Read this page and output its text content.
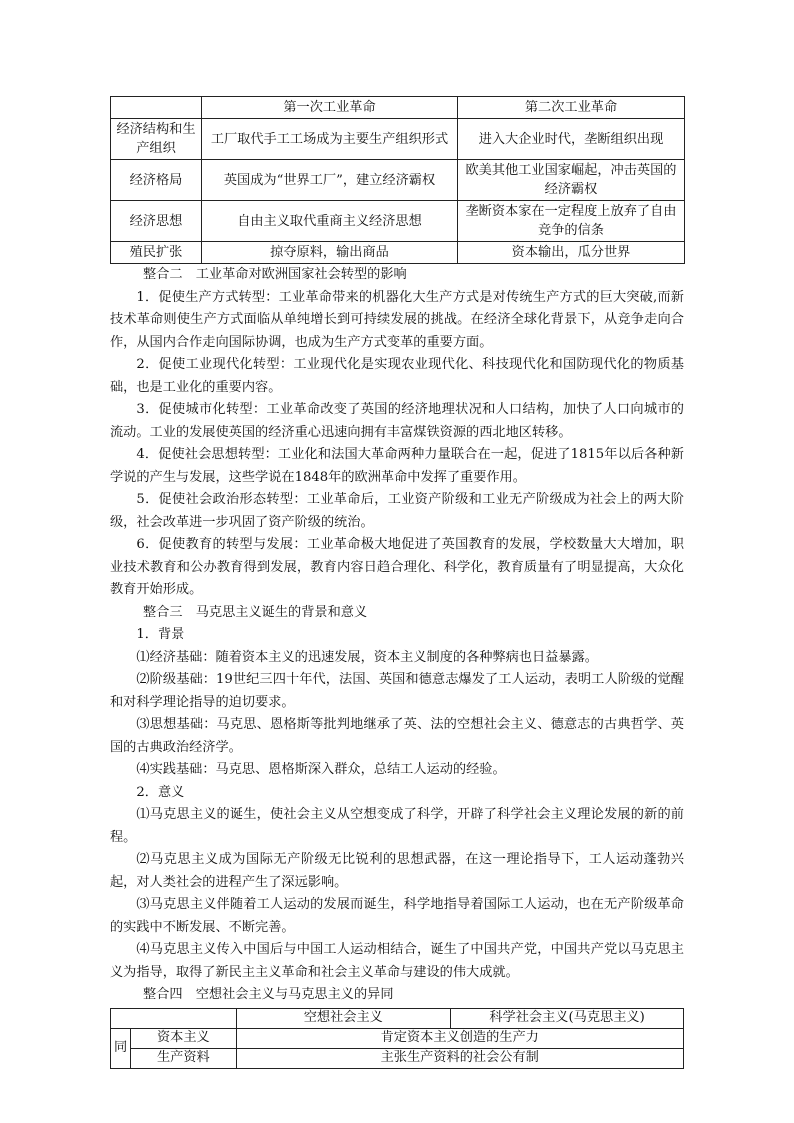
	第一次工业革命	第二次工业革命
经济结构和生产组织	工厂取代手工工场成为主要生产组织形式	进入大企业时代，垄断组织出现
经济格局	英国成为“世界工厂”，建立经济霸权	欧美其他工业国家崛起，冲击英国的经济霸权
经济思想	自由主义取代重商主义经济思想	垄断资本家在一定程度上放弃了自由竞争的信条
殖民扩张	掠夺原料，输出商品	资本输出，瓜分世界

整合二　工业革命对欧洲国家社会转型的影响

1．促使生产方式转型：工业革命带来的机器化大生产方式是对传统生产方式的巨大突破,而新技术革命则使生产方式面临从单纯增长到可持续发展的挑战。在经济全球化背景下，从竞争走向合作，从国内合作走向国际协调，也成为生产方式变革的重要方面。

2．促使工业现代化转型：工业现代化是实现农业现代化、科技现代化和国防现代化的物质基础，也是工业化的重要内容。

3．促使城市化转型：工业革命改变了英国的经济地理状况和人口结构，加快了人口向城市的流动。工业的发展使英国的经济重心迅速向拥有丰富煤铁资源的西北地区转移。

4．促使社会思想转型：工业化和法国大革命两种力量联合在一起，促进了1815年以后各种新学说的产生与发展，这些学说在1848年的欧洲革命中发挥了重要作用。

5．促使社会政治形态转型：工业革命后，工业资产阶级和工业无产阶级成为社会上的两大阶级，社会改革进一步巩固了资产阶级的统治。

6．促使教育的转型与发展：工业革命极大地促进了英国教育的发展，学校数量大大增加，职业技术教育和公办教育得到发展，教育内容日趋合理化、科学化，教育质量有了明显提高，大众化教育开始形成。

整合三　马克思主义诞生的背景和意义

1．背景

⑴经济基础：随着资本主义的迅速发展，资本主义制度的各种弊病也日益暴露。

⑵阶级基础：19世纪三四十年代，法国、英国和德意志爆发了工人运动，表明工人阶级的觉醒和对科学理论指导的迫切要求。

⑶思想基础：马克思、恩格斯等批判地继承了英、法的空想社会主义、德意志的古典哲学、英国的古典政治经济学。

⑷实践基础：马克思、恩格斯深入群众，总结工人运动的经验。

2．意义

⑴马克思主义的诞生，使社会主义从空想变成了科学，开辟了科学社会主义理论发展的新的前程。

⑵马克思主义成为国际无产阶级无比锐利的思想武器，在这一理论指导下，工人运动蓬勃兴起，对人类社会的进程产生了深远影响。

⑶马克思主义伴随着工人运动的发展而诞生，科学地指导着国际工人运动，也在无产阶级革命的实践中不断发展、不断完善。

⑷马克思主义传入中国后与中国工人运动相结合，诞生了中国共产党，中国共产党以马克思主义为指导，取得了新民主主义革命和社会主义革命与建设的伟大成就。

整合四　空想社会主义与马克思主义的异同

		空想社会主义	科学社会主义(马克思主义)
同	资本主义	肯定资本主义创造的生产力	
	生产资料	主张生产资料的社会公有制	
